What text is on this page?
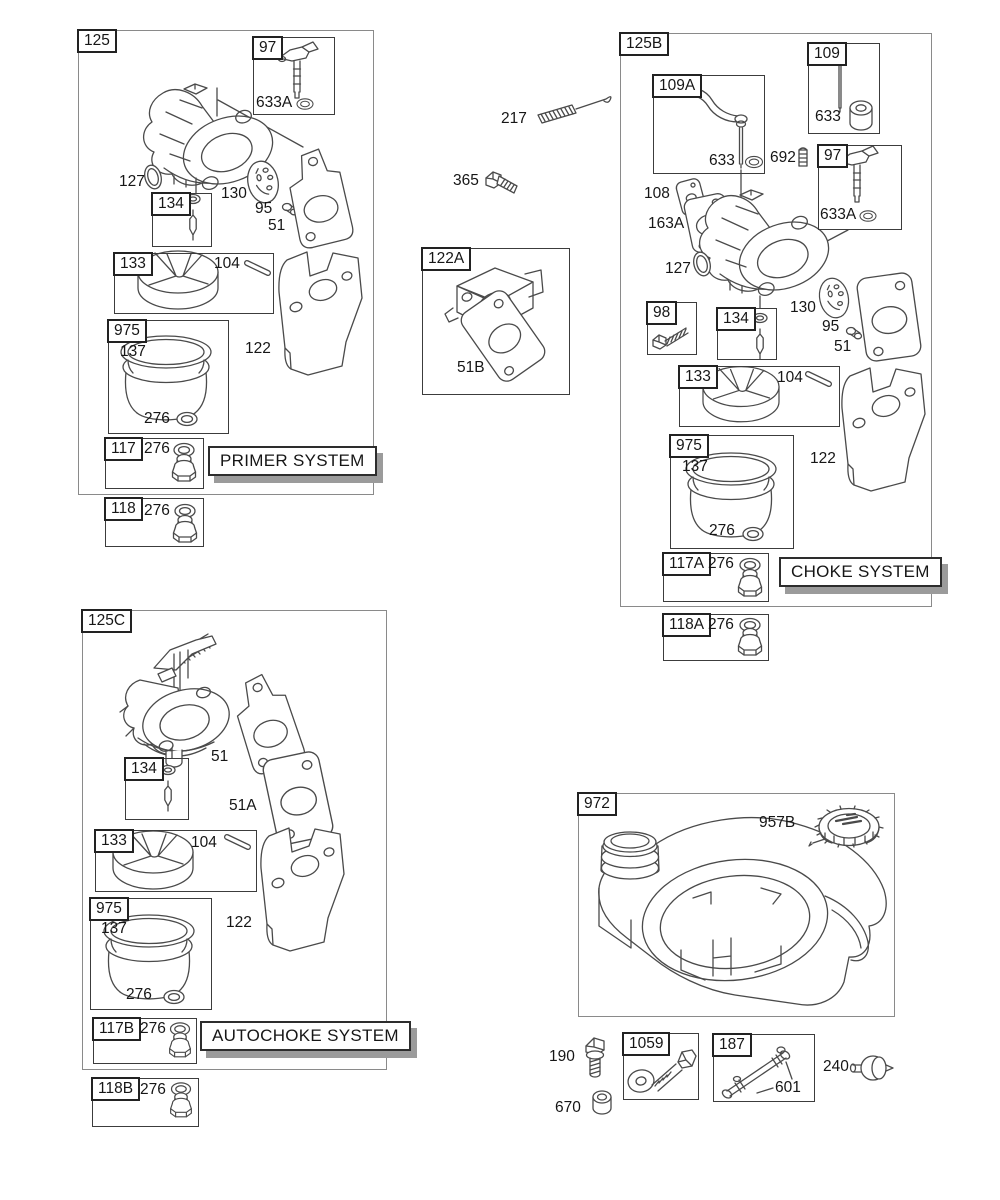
125	97
633A
127
130
134	95
51
133	104
122
975
137
276
117 276
PRIMER SYSTEM
118 276
217
365
122A
51B
125B
109A
633
109
633
692	97
633A
108
163A
127
98	134
130
95
51
133	104
975
137
276
122
117A 276	CHOKE SYSTEM
118A 276
125C
134
51
51A
133	104
975
137
276
122
117B 276	AUTOCHOKE SYSTEM
118B 276
972
957B
190
670
1059	187
601
240
